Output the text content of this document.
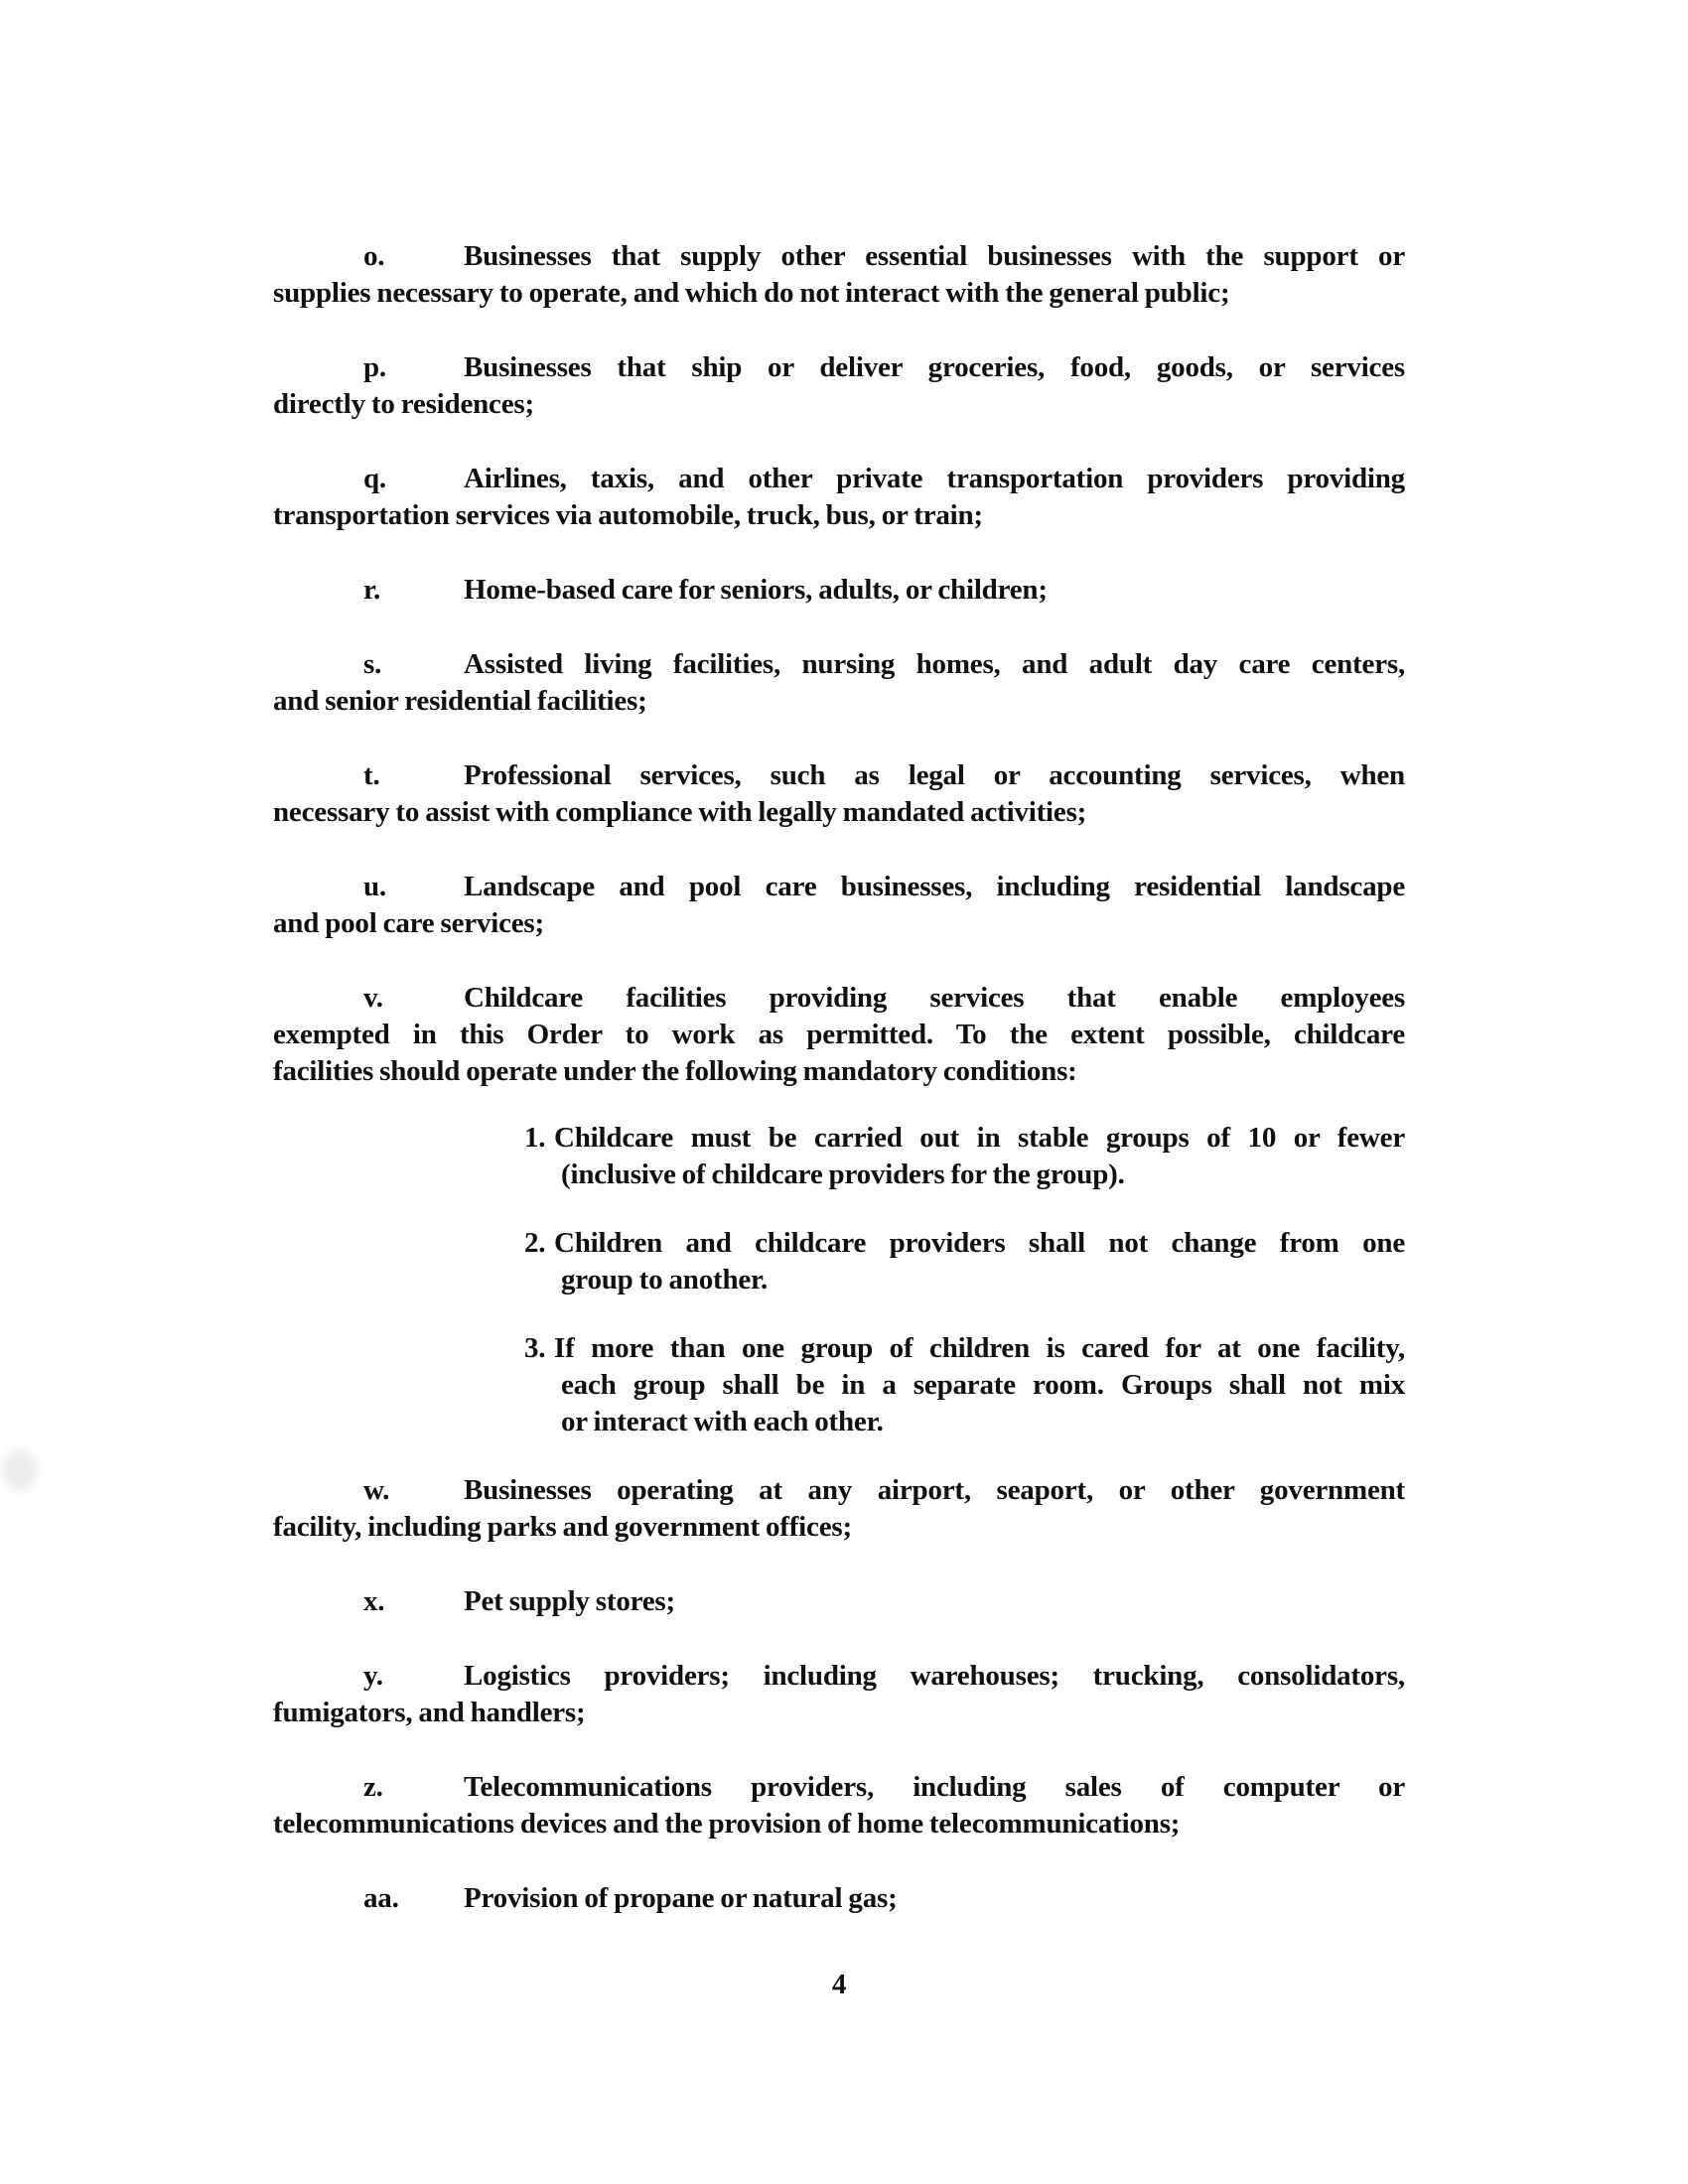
o.	Businesses that supply other essential businesses with the support or
supplies necessary to operate, and which do not interact with the general public;
p.	Businesses that ship or deliver groceries, food, goods, or services
directly to residences;
q.	Airlines, taxis, and other private transportation providers providing
transportation services via automobile, truck, bus, or train;
r.	Home-based care for seniors, adults, or children;
s.	Assisted living facilities, nursing homes, and adult day care centers,
and senior residential facilities;
t.	Professional services, such as legal or accounting services, when
necessary to assist with compliance with legally mandated activities;
u.	Landscape and pool care businesses, including residential landscape
and pool care services;
v.	Childcare facilities providing services that enable employees
exempted in this Order to work as permitted. To the extent possible, childcare
facilities should operate under the following mandatory conditions:
1. Childcare must be carried out in stable groups of 10 or fewer
(inclusive of childcare providers for the group).
2. Children and childcare providers shall not change from one
group to another.
3. If more than one group of children is cared for at one facility,
each group shall be in a separate room. Groups shall not mix
or interact with each other.
w.	Businesses operating at any airport, seaport, or other government
facility, including parks and government offices;
x.	Pet supply stores;
y.	Logistics providers; including warehouses; trucking, consolidators,
fumigators, and handlers;
z.	Telecommunications providers, including sales of computer or
telecommunications devices and the provision of home telecommunications;
aa. Provision of propane or natural gas;
4
